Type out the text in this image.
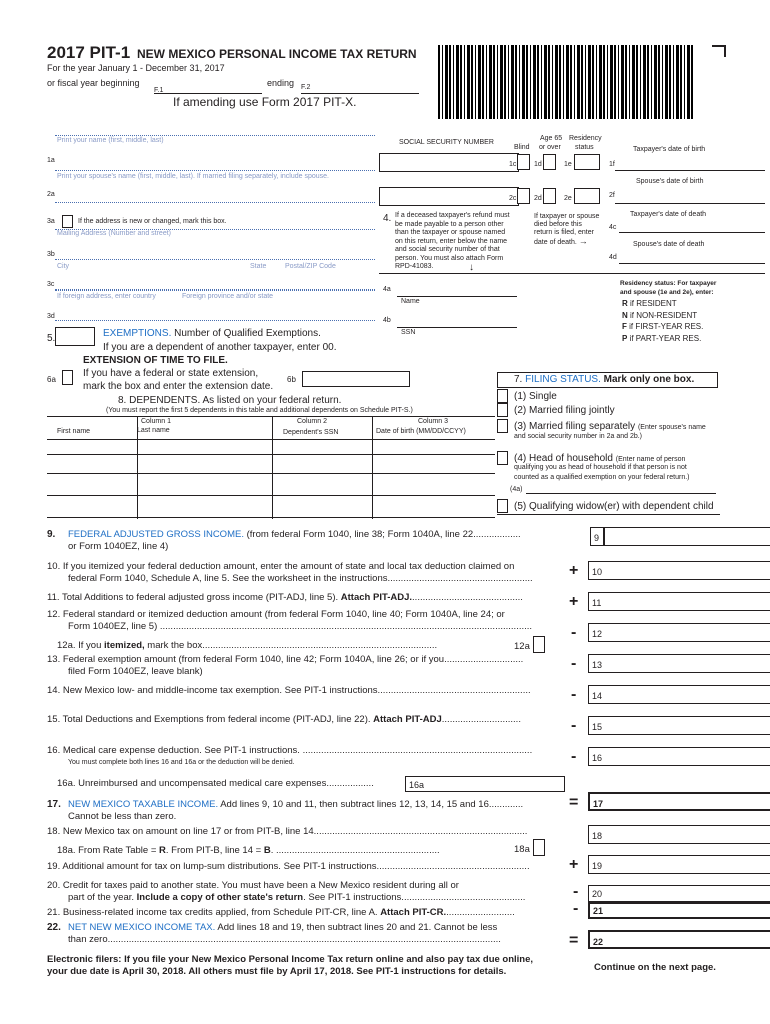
2017 PIT-1 NEW MEXICO PERSONAL INCOME TAX RETURN
For the year January 1 - December 31, 2017
or fiscal year beginning
F.1
ending F.2
If amending use Form 2017 PIT-X.
Print your name (first, middle, last)	SOCIAL SECURITY NUMBER
Age 65 Residency
Blind or over status	Taxpayer's date of birth
1a
1c	1d	1e	1f
Print your spouse's name (first, middle, last). If married filing separately, include spouse.
Spouse's date of birth
2a
2c	2d	2e	2f
3a	If the address is new or changed, mark this box.
Mailing Address (Number and street)
3b
City	State	Postal/ZIP Code
3c
If foreign address, enter country	Foreign province and/or state
3d
4. If a deceased taxpayer's refund must
be made payable to a person other
than the taxpayer or spouse named
on this return, enter below the name
and social security number of that
person. You must also attach Form
RPD-41083.	↓
If taxpayer or spouse
died before this
return is filed, enter
date of death. →
Taxpayer's date of death
4c
Spouse's date of death
4d
4a
Name
4b
SSN
Residency status: For taxpayer
and spouse (1e and 2e), enter:
R if RESIDENT
N if NON-RESIDENT
F if FIRST-YEAR RES.
P if PART-YEAR RES.
5.	EXEMPTIONS. Number of Qualified Exemptions.
If you are a dependent of another taxpayer, enter 00.
EXTENSION OF TIME TO FILE.
If you have a federal or state extension,
mark the box and enter the extension date.
6a	6b
8. DEPENDENTS. As listed on your federal return.
(You must report the first 5 dependents in this table and additional dependents on Schedule PIT-S.)
Column 1	Column 2	Column 3
First name	Last name	Dependent's SSN	Date of birth (MM/DD/CCYY)
7. FILING STATUS. Mark only one box.
(1) Single
(2) Married filing jointly
(3) Married filing separately (Enter spouse's name
and social security number in 2a and 2b.)
(4) Head of household (Enter name of person
qualifying you as head of household if that person is not
counted as a qualified exemption on your federal return.)
(4a)
(5) Qualifying widow(er) with dependent child
9. FEDERAL ADJUSTED GROSS INCOME. (from federal Form 1040, line 38; Form 1040A, line 22..................
or Form 1040EZ, line 4)
9
10. If you itemized your federal deduction amount, enter the amount of state and local tax deduction claimed on
federal Form 1040, Schedule A, line 5. See the worksheet in the instructions....................................................... + 10
11. Total Additions to federal adjusted gross income (PIT-ADJ, line 5). Attach PIT-ADJ...........................................	+ 11
12. Federal standard or itemized deduction amount (from federal Form 1040, line 40; Form 1040A, line 24; or
Form 1040EZ, line 5) ............................................................................................................................................. - 12
12a. If you itemized, mark the box.........................................................................................	12a
13. Federal exemption amount (from federal Form 1040, line 42; Form 1040A, line 26; or if you..............................
filed Form 1040EZ, leave blank)	- 13
14. New Mexico low- and middle-income tax exemption. See PIT-1 instructions..........................................................	- 14
15. Total Deductions and Exemptions from federal income (PIT-ADJ, line 22). Attach PIT-ADJ..............................	- 15
16. Medical care expense deduction. See PIT-1 instructions. .......................................................................................
You must complete both lines 16 and 16a or the deduction will be denied.	- 16
16a. Unreimbursed and uncompensated medical care expenses..................	16a
17. NEW MEXICO TAXABLE INCOME. Add lines 9, 10 and 11, then subtract lines 12, 13, 14, 15 and 16.............
Cannot be less than zero.
= 17
18. New Mexico tax on amount on line 17 or from PIT-B, line 14.................................................................................	18
18a. From Rate Table = R. From PIT-B, line 14 = B. ..............................................................	18a
19. Additional amount for tax on lump-sum distributions. See PIT-1 instructions.......................................................... + 19
20. Credit for taxes paid to another state. You must have been a New Mexico resident during all or
part of the year. Include a copy of other state's return. See PIT-1 instructions...............................................	- 20
21. Business-related income tax credits applied, from Schedule PIT-CR, line A. Attach PIT-CR...........................	- 21
22. NET NEW MEXICO INCOME TAX. Add lines 18 and 19, then subtract lines 20 and 21. Cannot be less
than zero.....................................................................................................................................................	= 22
Electronic filers: If you file your New Mexico Personal Income Tax return online and also pay tax due online,
your due date is April 30, 2018. All others must file by April 17, 2018. See PIT-1 instructions for details.	Continue on the next page.
